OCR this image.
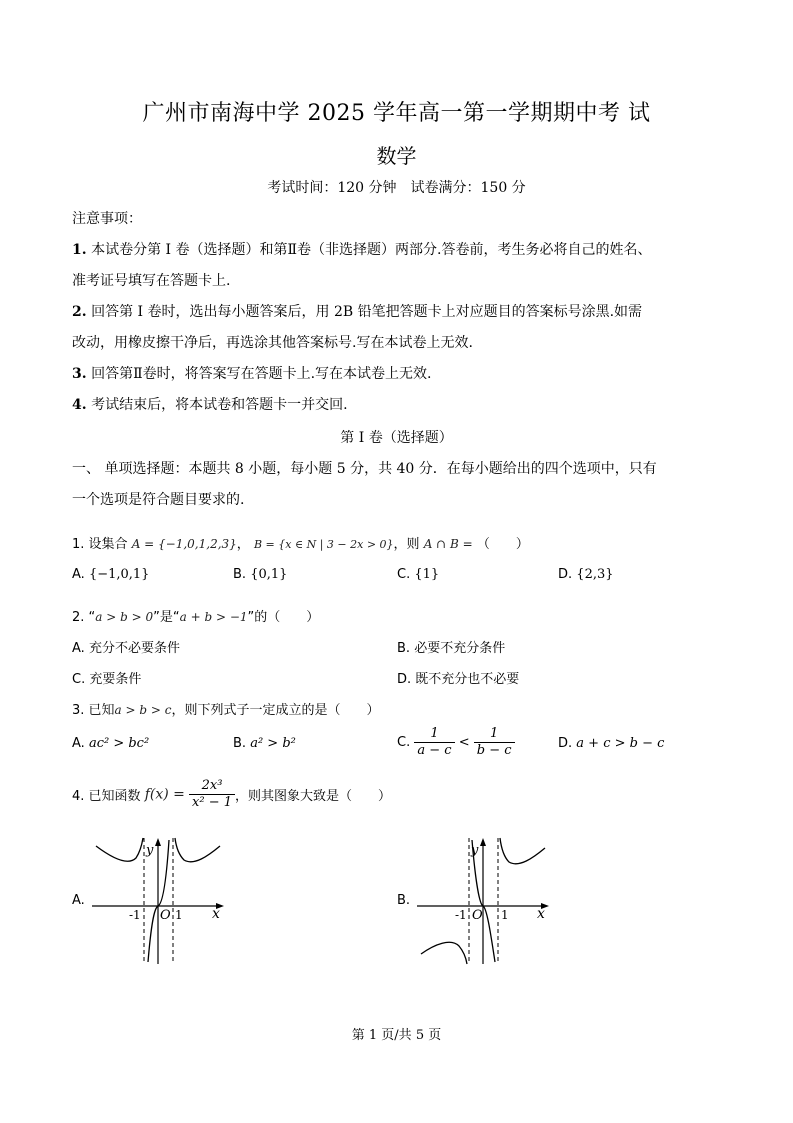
广州市南海中学 2025 学年高一第一学期期中考 试
数学
考试时间：120 分钟　试卷满分：150 分
注意事项：
1. 本试卷分第 I 卷（选择题）和第Ⅱ卷（非选择题）两部分.答卷前，考生务必将自己的姓名、
准考证号填写在答题卡上.
2. 回答第 I 卷时，选出每小题答案后，用 2B 铅笔把答题卡上对应题目的答案标号涂黑.如需
改动，用橡皮擦干净后，再选涂其他答案标号.写在本试卷上无效.
3. 回答第Ⅱ卷时，将答案写在答题卡上.写在本试卷上无效.
4. 考试结束后，将本试卷和答题卡一并交回.
第 I 卷（选择题）
一、 单项选择题：本题共 8 小题，每小题 5 分，共 40 分．在每小题给出的四个选项中，只有
一个选项是符合题目要求的.
1. 设集合 A = {−1,0,1,2,3}， B = {x ∈ N | 3 − 2x > 0}，则 A ∩ B = （　　）
A. {−1,0,1}	B. {0,1}	C. {1}	D. {2,3}
2. “a > b > 0”是“a + b > −1”的（　　）
A. 充分不必要条件	B. 必要不充分条件
C. 充要条件	D. 既不充分也不必要
3. 已知a > b > c，则下列式子一定成立的是（　　）
A. ac² > bc²	B. a² > b²	C. $\frac{1}{a - c} < \frac{1}{b - c}$	D. a + c > b − c
4. 已知函数 $f(x) = \frac{\text{2x³}}{\text{x² − 1}}$ ，则其图象大致是（　　）
A.
y
x
O
-1	1
B.
y
x
O
-1	1
第 1 页/共 5 页
